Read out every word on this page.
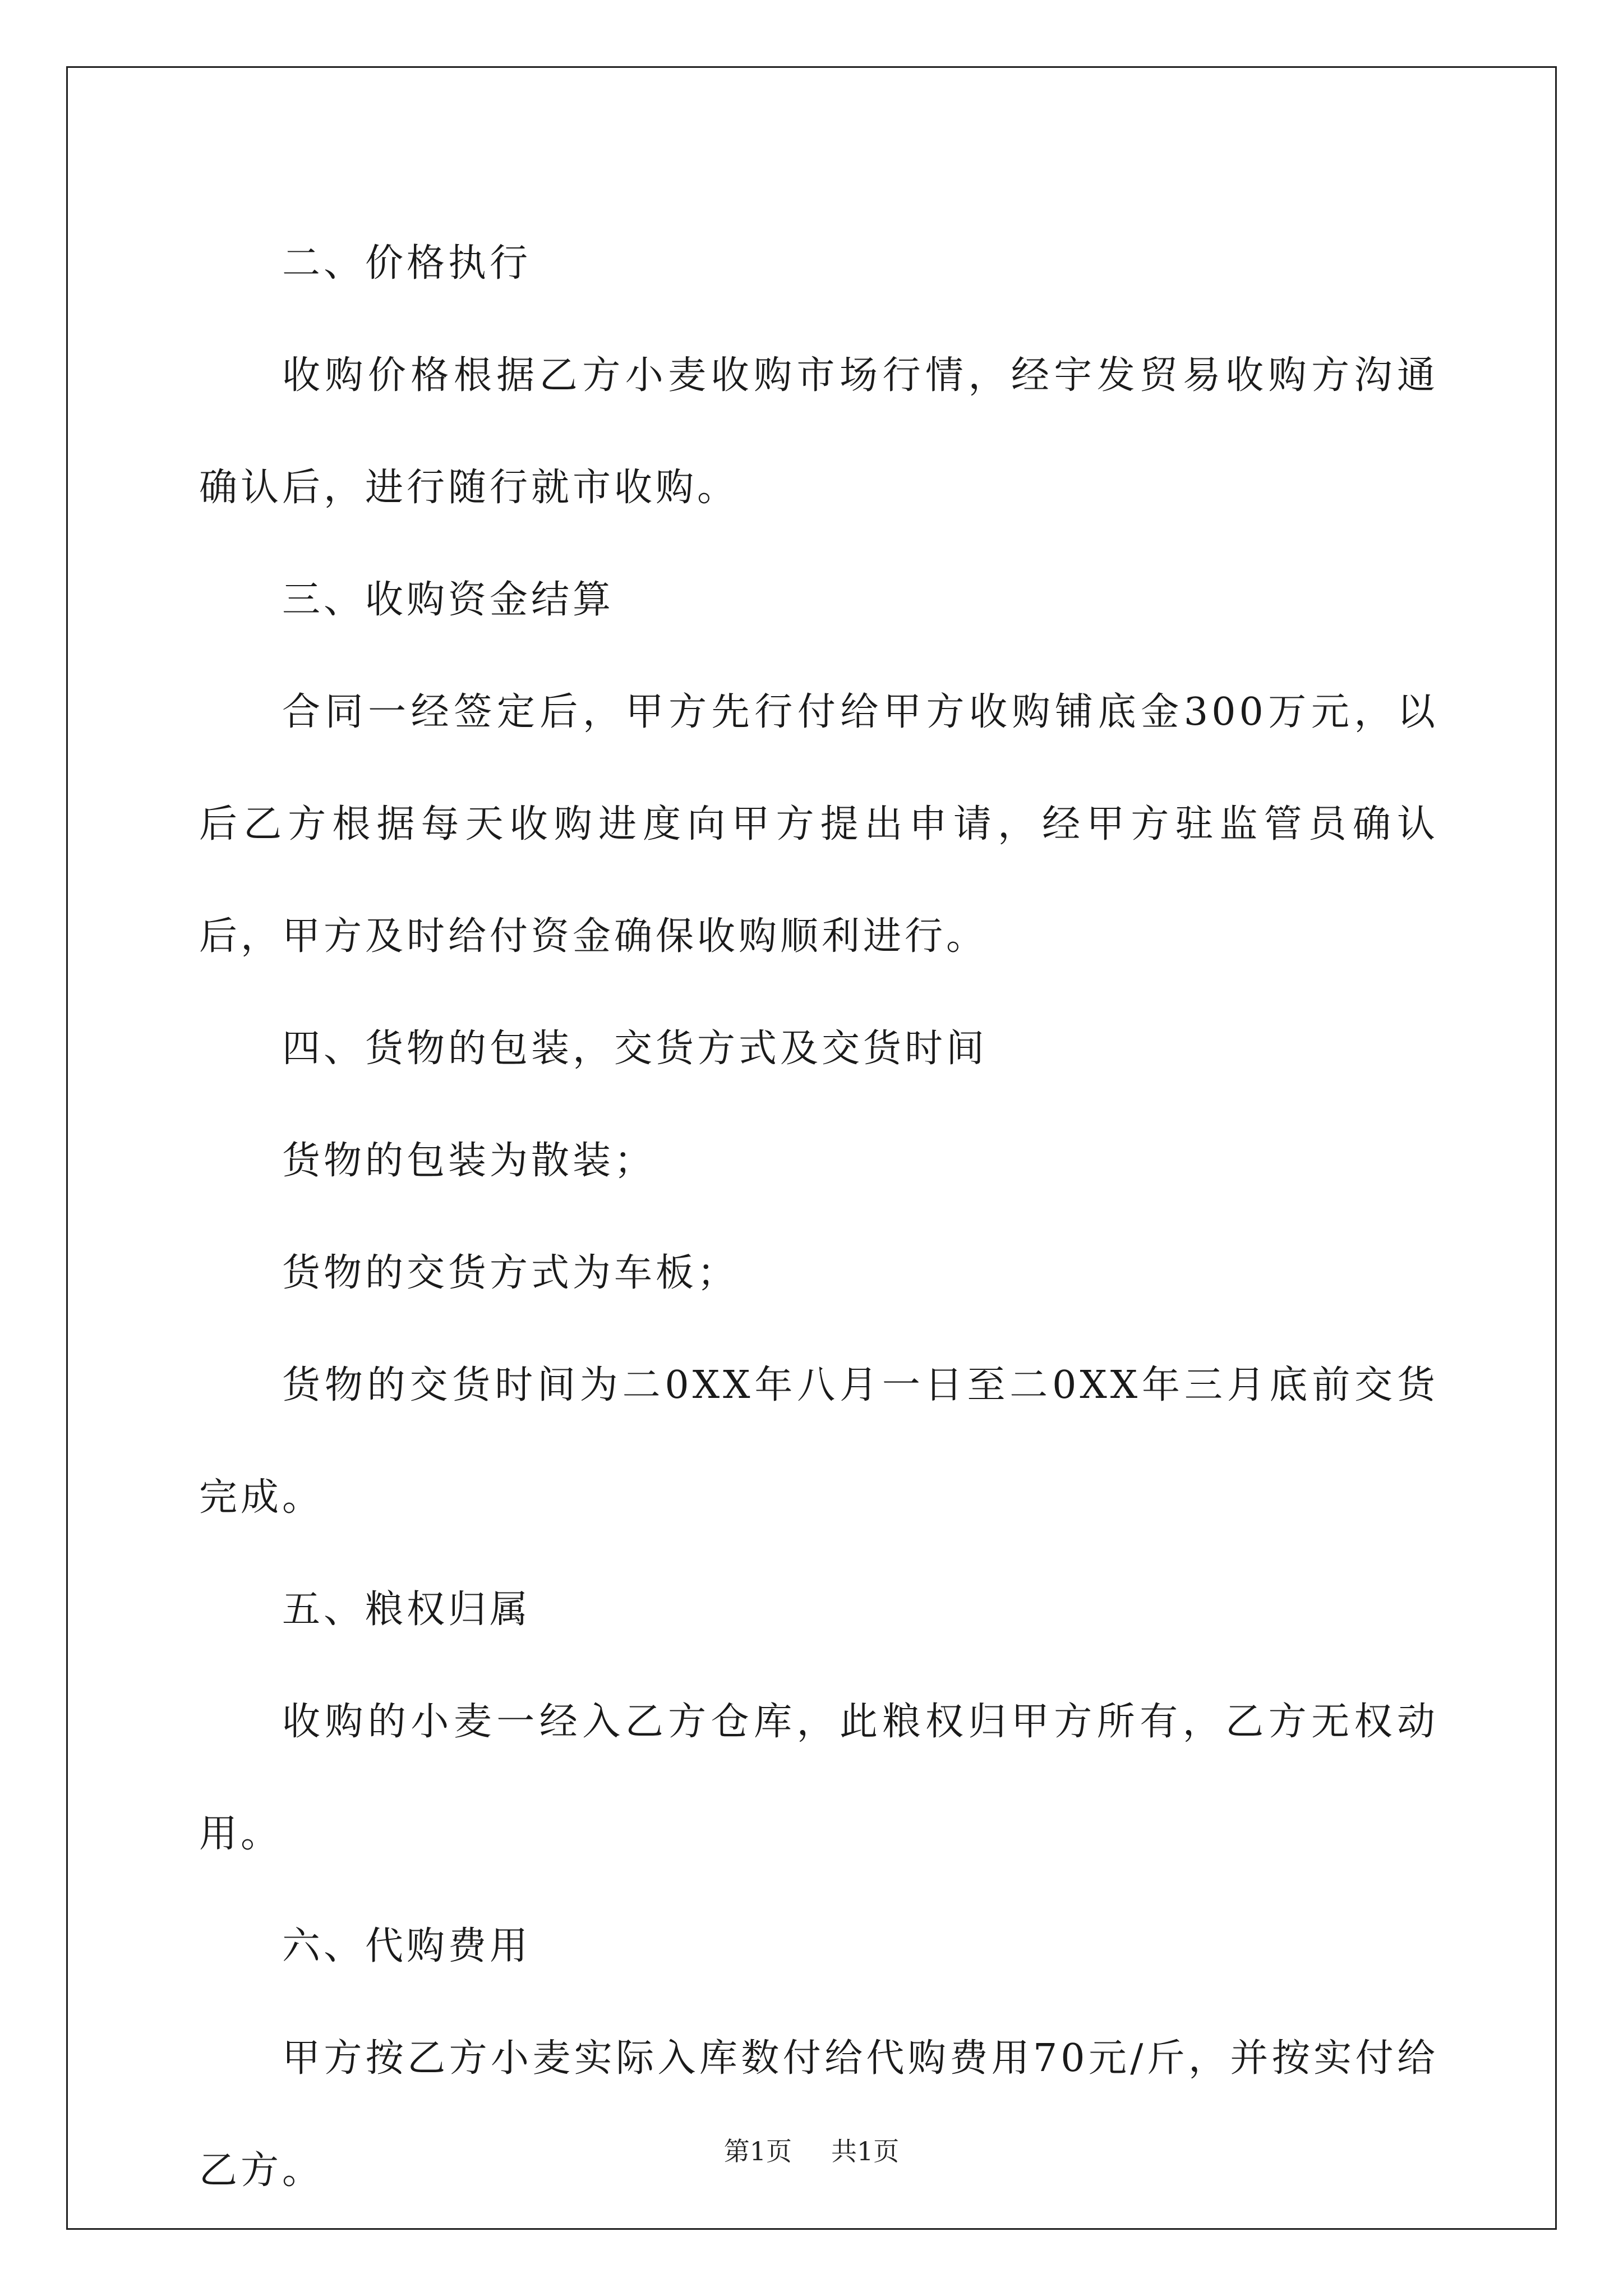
二、价格执行

收购价格根据乙方小麦收购市场行情，经宇发贸易收购方沟通确认后，进行随行就市收购。

三、收购资金结算

合同一经签定后，甲方先行付给甲方收购铺底金300万元，以后乙方根据每天收购进度向甲方提出申请，经甲方驻监管员确认后，甲方及时给付资金确保收购顺利进行。

四、货物的包装，交货方式及交货时间

货物的包装为散装；

货物的交货方式为车板；

货物的交货时间为二0XX年八月一日至二0XX年三月底前交货完成。

五、粮权归属

收购的小麦一经入乙方仓库，此粮权归甲方所有，乙方无权动用。

六、代购费用

甲方按乙方小麦实际入库数付给代购费用70元/斤，并按实付给乙方。	第1页 共1页
